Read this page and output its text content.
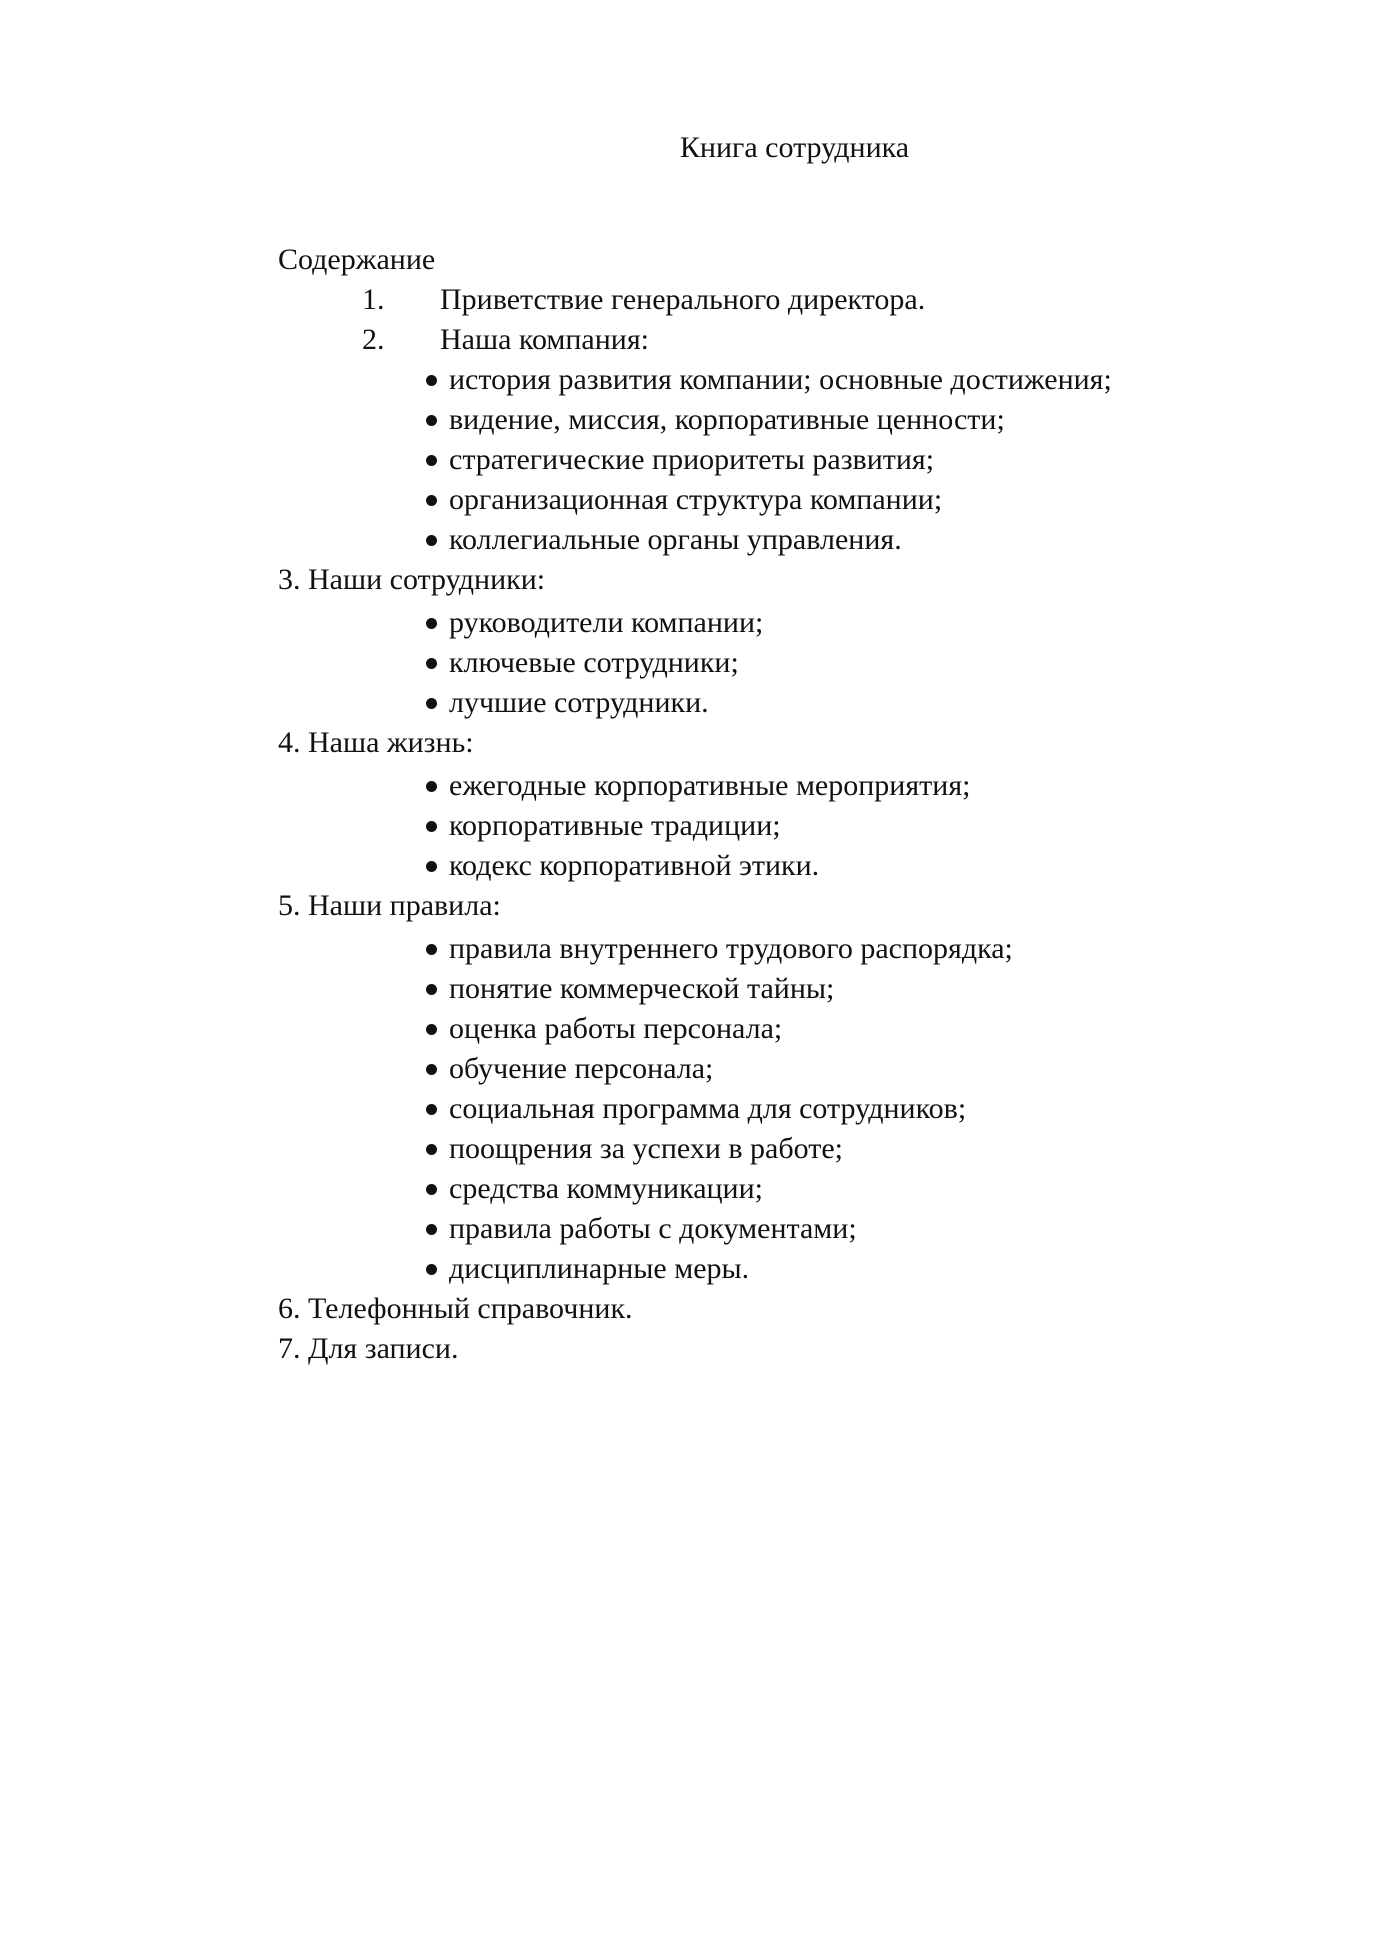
Книга сотрудника
Содержание
1. Приветствие генерального директора.
2. Наша компания:
история развития компании; основные достижения;
видение, миссия, корпоративные ценности;
стратегические приоритеты развития;
организационная структура компании;
коллегиальные органы управления.
3. Наши сотрудники:
руководители компании;
ключевые сотрудники;
лучшие сотрудники.
4. Наша жизнь:
ежегодные корпоративные мероприятия;
корпоративные традиции;
кодекс корпоративной этики.
5. Наши правила:
правила внутреннего трудового распорядка;
понятие коммерческой тайны;
оценка работы персонала;
обучение персонала;
социальная программа для сотрудников;
поощрения за успехи в работе;
средства коммуникации;
правила работы с документами;
дисциплинарные меры.
6. Телефонный справочник.
7. Для записи.
